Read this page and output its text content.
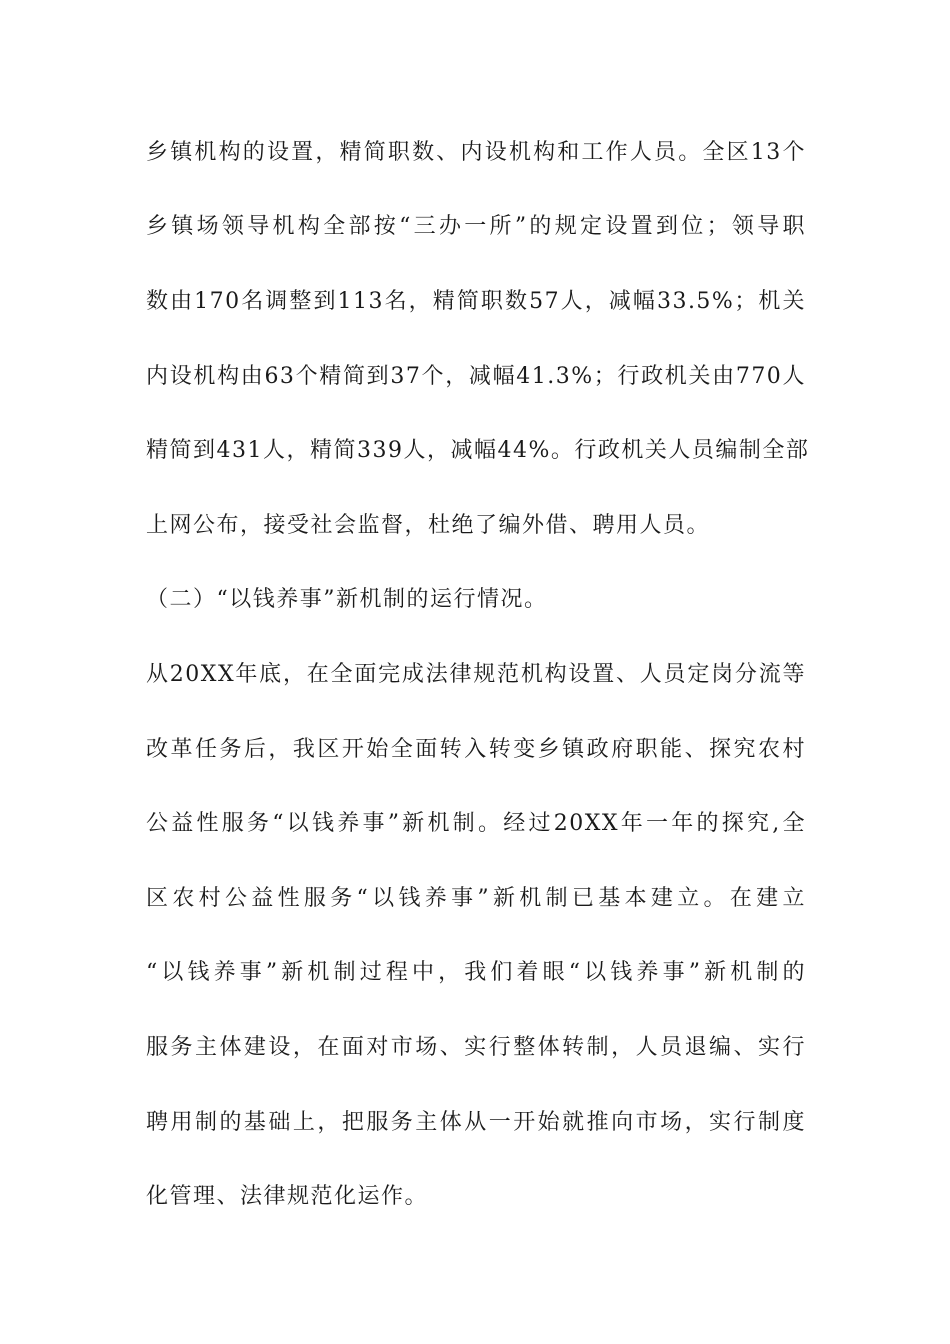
乡镇机构的设置，精简职数、内设机构和工作人员。全区13个
乡镇场领导机构全部按“三办一所”的规定设置到位；领导职
数由170名调整到113名，精简职数57人，减幅33.5%；机关
内设机构由63个精简到37个，减幅41.3%；行政机关由770人
精简到431人，精简339人，减幅44%。行政机关人员编制全部
上网公布，接受社会监督，杜绝了编外借、聘用人员。
（二）“以钱养事”新机制的运行情况。
从20XX年底，在全面完成法律规范机构设置、人员定岗分流等
改革任务后，我区开始全面转入转变乡镇政府职能、探究农村
公益性服务“以钱养事”新机制。经过20XX年一年的探究,全
区农村公益性服务“以钱养事”新机制已基本建立。在建立
“以钱养事”新机制过程中，我们着眼“以钱养事”新机制的
服务主体建设，在面对市场、实行整体转制，人员退编、实行
聘用制的基础上，把服务主体从一开始就推向市场，实行制度
化管理、法律规范化运作。
